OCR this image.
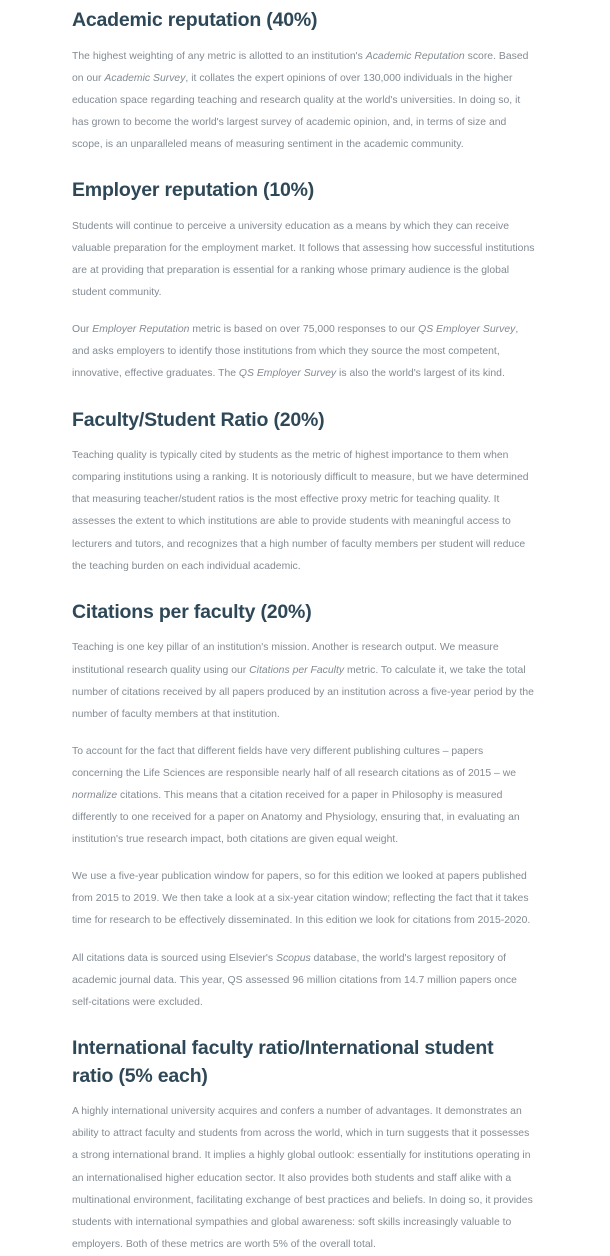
Academic reputation (40%)

The highest weighting of any metric is allotted to an institution's Academic Reputation score. Based on our Academic Survey, it collates the expert opinions of over 130,000 individuals in the higher education space regarding teaching and research quality at the world's universities. In doing so, it has grown to become the world's largest survey of academic opinion, and, in terms of size and scope, is an unparalleled means of measuring sentiment in the academic community.

Employer reputation (10%)

Students will continue to perceive a university education as a means by which they can receive valuable preparation for the employment market. It follows that assessing how successful institutions are at providing that preparation is essential for a ranking whose primary audience is the global student community.

Our Employer Reputation metric is based on over 75,000 responses to our QS Employer Survey, and asks employers to identify those institutions from which they source the most competent, innovative, effective graduates. The QS Employer Survey is also the world's largest of its kind.

Faculty/Student Ratio (20%)

Teaching quality is typically cited by students as the metric of highest importance to them when comparing institutions using a ranking. It is notoriously difficult to measure, but we have determined that measuring teacher/student ratios is the most effective proxy metric for teaching quality. It assesses the extent to which institutions are able to provide students with meaningful access to lecturers and tutors, and recognizes that a high number of faculty members per student will reduce the teaching burden on each individual academic.

Citations per faculty (20%)

Teaching is one key pillar of an institution's mission. Another is research output. We measure institutional research quality using our Citations per Faculty metric. To calculate it, we take the total number of citations received by all papers produced by an institution across a five-year period by the number of faculty members at that institution.

To account for the fact that different fields have very different publishing cultures – papers concerning the Life Sciences are responsible nearly half of all research citations as of 2015 – we normalize citations. This means that a citation received for a paper in Philosophy is measured differently to one received for a paper on Anatomy and Physiology, ensuring that, in evaluating an institution's true research impact, both citations are given equal weight.

We use a five-year publication window for papers, so for this edition we looked at papers published from 2015 to 2019. We then take a look at a six-year citation window; reflecting the fact that it takes time for research to be effectively disseminated. In this edition we look for citations from 2015-2020.

All citations data is sourced using Elsevier's Scopus database, the world's largest repository of academic journal data. This year, QS assessed 96 million citations from 14.7 million papers once self-citations were excluded.

International faculty ratio/International student ratio (5% each)

A highly international university acquires and confers a number of advantages. It demonstrates an ability to attract faculty and students from across the world, which in turn suggests that it possesses a strong international brand. It implies a highly global outlook: essentially for institutions operating in an internationalised higher education sector. It also provides both students and staff alike with a multinational environment, facilitating exchange of best practices and beliefs. In doing so, it provides students with international sympathies and global awareness: soft skills increasingly valuable to employers. Both of these metrics are worth 5% of the overall total.
